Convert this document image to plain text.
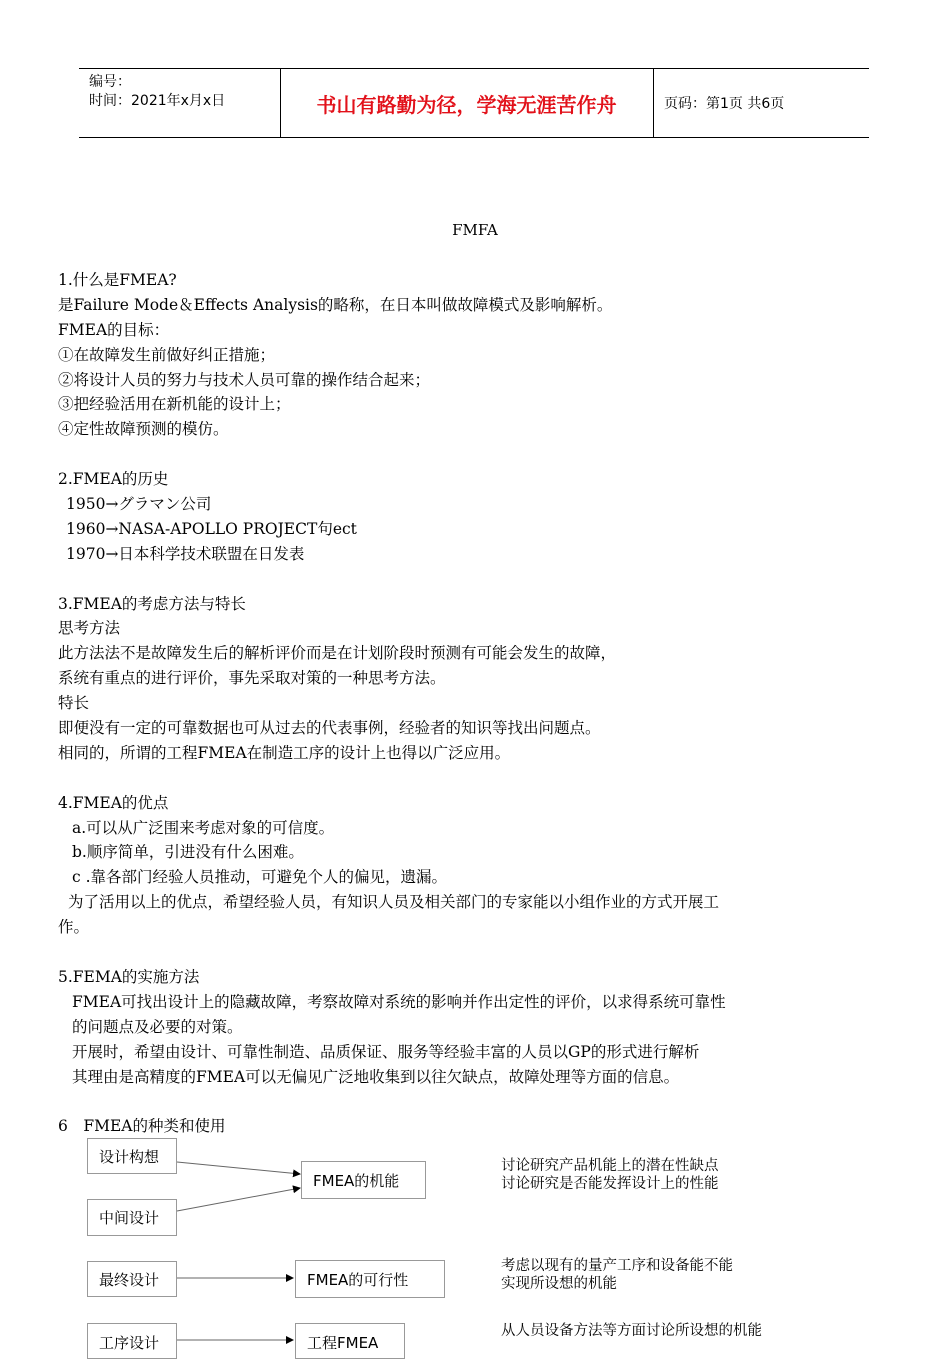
编号：
时间：2021年x月x日	书山有路勤为径，学海无涯苦作舟	页码：第1页 共6页
FMFA
1.什么是FMEA?
是Failure Mode＆Effects Analysis的略称，在日本叫做故障模式及影响解析。
FMEA的目标：
①在故障发生前做好纠正措施；
②将设计人员的努力与技术人员可靠的操作结合起来；
③把经验活用在新机能的设计上；
④定性故障预测的模仿。
2.FMEA的历史
1950→グラマン公司
1960→NASA-APOLLO PROJECT句ect
1970→日本科学技术联盟在日发表
3.FMEA的考虑方法与特长
思考方法
此方法法不是故障发生后的解析评价而是在计划阶段时预测有可能会发生的故障，
系统有重点的进行评价，事先采取对策的一种思考方法。
特长
即便没有一定的可靠数据也可从过去的代表事例，经验者的知识等找出问题点。
相同的，所谓的工程FMEA在制造工序的设计上也得以广泛应用。
4.FMEA的优点
a.可以从广泛围来考虑对象的可信度。
b.顺序简单，引进没有什么困难。
c .靠各部门经验人员推动，可避免个人的偏见，遗漏。
为了活用以上的优点，希望经验人员，有知识人员及相关部门的专家能以小组作业的方式开展工
作。
5.FEMA的实施方法
FMEA可找出设计上的隐藏故障，考察故障对系统的影响并作出定性的评价，以求得系统可靠性
的问题点及必要的对策。
开展时，希望由设计、可靠性制造、品质保证、服务等经验丰富的人员以GP的形式进行解析
其理由是高精度的FMEA可以无偏见广泛地收集到以往欠缺点，故障处理等方面的信息。
6　FMEA的种类和使用
设计构想
中间设计
FMEA的机能
最终设计	FMEA的可行性
工序设计	工程FMEA
讨论研究产品机能上的潜在性缺点
讨论研究是否能发挥设计上的性能
考虑以现有的量产工序和设备能不能
实现所设想的机能
从人员设备方法等方面讨论所设想的机能
